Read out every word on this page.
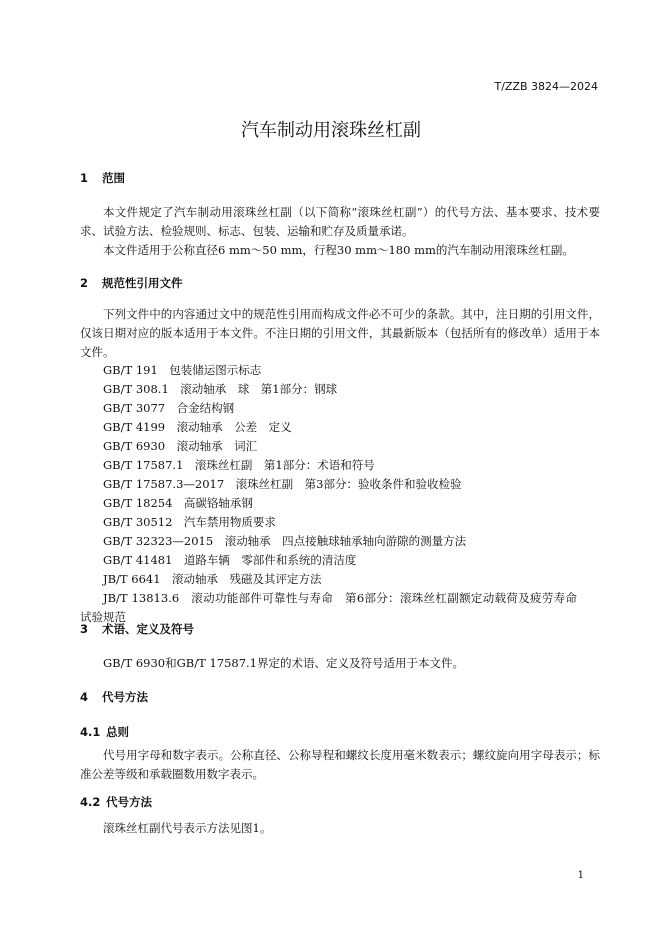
T/ZZB 3824—2024
汽车制动用滚珠丝杠副
1 范围
本文件规定了汽车制动用滚珠丝杠副（以下简称“滚珠丝杠副”）的代号方法、基本要求、技术要求、试验方法、检验规则、标志、包装、运输和贮存及质量承诺。
本文件适用于公称直径6 mm～50 mm，行程30 mm～180 mm的汽车制动用滚珠丝杠副。
2 规范性引用文件
下列文件中的内容通过文中的规范性引用而构成文件必不可少的条款。其中，注日期的引用文件，仅该日期对应的版本适用于本文件。不注日期的引用文件，其最新版本（包括所有的修改单）适用于本文件。
GB/T 191　包装储运图示标志
GB/T 308.1　滚动轴承　球　第1部分：钢球
GB/T 3077　合金结构钢
GB/T 4199　滚动轴承　公差　定义
GB/T 6930　滚动轴承　词汇
GB/T 17587.1　滚珠丝杠副　第1部分：术语和符号
GB/T 17587.3—2017　滚珠丝杠副　第3部分：验收条件和验收检验
GB/T 18254　高碳铬轴承钢
GB/T 30512　汽车禁用物质要求
GB/T 32323—2015　滚动轴承　四点接触球轴承轴向游隙的测量方法
GB/T 41481　道路车辆　零部件和系统的清洁度
JB/T 6641　滚动轴承　残磁及其评定方法
JB/T 13813.6　滚动功能部件可靠性与寿命　第6部分：滚珠丝杠副额定动载荷及疲劳寿命试验规范
3 术语、定义及符号
GB/T 6930和GB/T 17587.1界定的术语、定义及符号适用于本文件。
4 代号方法
4.1 总则
代号用字母和数字表示。公称直径、公称导程和螺纹长度用毫米数表示；螺纹旋向用字母表示；标准公差等级和承载圈数用数字表示。
4.2 代号方法
滚珠丝杠副代号表示方法见图1。
1
